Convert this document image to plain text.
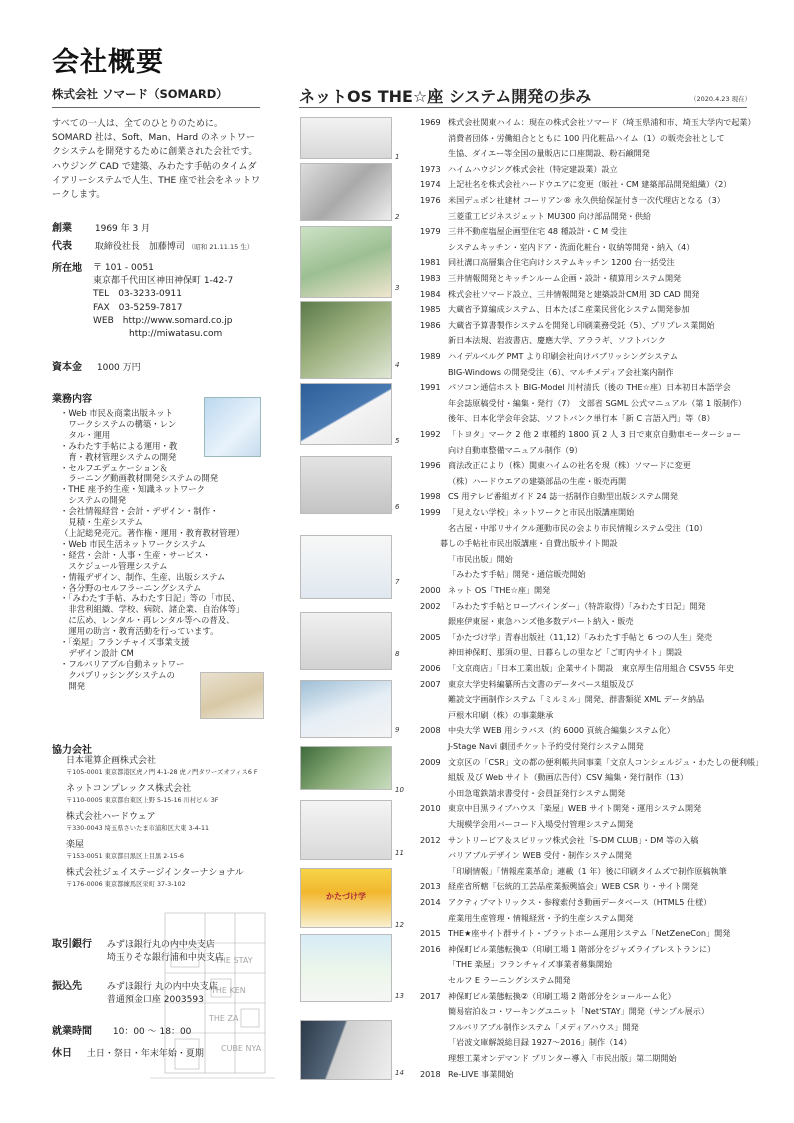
会社概要
株式会社 ソマード（SOMARD）
すべての一人は、全てのひとりのために。SOMARD 社は、Soft、Man、Hard のネットワークシステムを開発するために創業された会社です。ハウジング CAD で建築、みわたす手帖のタイムダイアリーシステムで人生、THE 座で社会をネットワークします。
創業	1969 年 3 月
代表	取締役社長　加藤博司 （昭和 21.11.15 生）
所在地 〒 101 - 0051
東京都千代田区神田神保町 1-42-7
TEL　03-3233-0911
FAX　03-5259-7817
WEB　http://www.somard.co.jp
　　　　http://miwatasu.com
資本金 1000 万円
業務内容
・Web 市民＆商業出版ネット
　ワークシステムの構築・レン
　タル・運用
・みわたす手帖による運用・教
　育・教材管理システムの開発
・セルフエデュケーション＆
　ラーニング動画教材開発システムの開発
・THE 座予約生産・知識ネットワーク
　システムの開発
・会社情報経営・会計・デザイン・制作・
　見積・生産システム
（上記総発売元。著作権・運用・教育教材管理）
・Web 市民生活ネットワークシステム
・経営・会計・人事・生産・サービス・
　スケジュール管理システム
・情報デザイン、制作、生産、出版システム
・各分野のセルフラーニングシステム
・「みわたす手帖、みわたす日記」等の「市民、
　非営利組織、学校、病院、諸企業、自治体等」
　に広め、レンタル・再レンタル等への普及、
　運用の助言・教育活動を行っています。
・「楽屋」フランチャイズ事業支援
　デザイン設計 CM
・フルバリアブル自動ネットワー
　クパブリッシングシステムの
　開発
協力会社
日本電算企画株式会社
〒105-0001 東京都港区虎ノ門 4-1-28 虎ノ門タワーズオフィス6 F
ネットコンプレックス株式会社
〒110-0005 東京都台東区上野 5-15-16 川村ビル 3F
株式会社ハードウェア
〒330-0043 埼玉県さいたま市浦和区大東 3-4-11
楽屋
〒153-0051 東京都目黒区上目黒 2-15-6
株式会社ジェイステージインターナショナル
〒176-0006 東京都練馬区栄町 37-3-102
取引銀行 みずほ銀行丸の内中央支店
埼玉りそな銀行浦和中央支店
振込先	みずほ銀行 丸の内中央支店
普通預金口座 2003593
就業時間 10：00 〜 18：00
休日 土日・祭日・年末年始・夏期
THE STAY
THE KEN
THE ZA
CUBE NYA
ネットOS THE☆座 システム開発の歩み	（2020.4.23 現在）
1
2
3
4
5
6
7
8
9
10
11
かたづけ学
12
13
14
1969 株式会社関東ハイム：現在の株式会社ソマード（埼玉県浦和市、埼玉大学内で起業）
消費者団体・労働組合とともに 100 円化粧品ハイム（1）の販売会社として
生協、ダイエー等全国の量販店に口座開設、粉石鹸開発
1973 ハイムハウジング株式会社（特定建設業）設立
1974 上記社名を株式会社ハードウエアに変更（販社・CM 建築部品開発組織）（2）
1976 米国デュポン社建材 コーリアン® 永久供給保証付き一次代理店となる（3）
三菱重工ビジネスジェット MU300 向け部品開発・供給
1979 三井不動産塩屋企画型住宅 48 種設計・C M 受注
システムキッチン・室内ドア・洗面化粧台・収納等開発・納入（4）
1981 同社溝口高層集合住宅向けシステムキッチン 1200 台一括受注
1983 三井情報開発とキッチンルーム企画・設計・積算用システム開発
1984 株式会社ソマード設立、三井情報開発と建築設計CM用 3D CAD 開発
1985 大蔵省予算編成システム、日本たばこ産業民営化システム開発参加
1986 大蔵省予算書製作システムを開発し印刷業務受託（5）、プリプレス業開始
新日本法規、岩波書店、慶應大学、アララギ、ソフトバンク
1989 ハイデルベルグ PMT より印刷会社向けパブリッシングシステム
BIG-Windows の開発受注（6）、マルチメディア会社案内制作
1991 パソコン通信ホスト BIG-Model 川村清氏（後の THE☆座）日本初日本語学会
年会誌原稿受付・編集・発行（7）　文部省 SGML 公式マニュアル（第 1 版制作）
後年、日本化学会年会誌、ソフトバンク単行本「新 C 言語入門」等（8）
1992 「トヨタ」マーク 2 他 2 車種約 1800 頁 2 人 3 日で東京自動車モーターショー
向け自動車整備マニュアル制作（9）
1996 商法改正により（株）関東ハイムの社名を現（株）ソマードに変更
（株）ハードウエアの建築部品の生産・販売再開
1998 CS 用テレビ番組ガイド 24 誌一括制作自動型出版システム開発
1999 「見えない学校」ネットワークと市民出版講座開始
名古屋・中部リサイクル運動市民の会より市民情報システム受注（10）
暮しの手帖社市民出版講座・自費出版サイト開設
「市民出版」開始
「みわたす手帖」開発・通信販売開始
2000 ネット OS「THE☆座」開発
2002 「みわたす手帖とローブバインダー」（特許取得）「みわたす日記」開発
銀座伊東屋・東急ハンズ他多数デパート納入・販売
2005 「かたづけ学」青春出版社（11,12）「みわたす手帖と 6 つの人生」発売
神田神保町、那須の里、日暮らしの里など「ご町内サイト」開設
2006 「文京商店」「日本工業出版」企業サイト開設　東京厚生信用組合 CSV55 年史
2007 東京大学史料編纂所古文書のデータベース組版及び
難読文字画制作システム「ミルミル」開発、群書類従 XML データ納品
戸根木印刷（株）の事業継承
2008 中央大学 WEB 用シラバス（約 6000 頁統合編集システム化）
J-Stage Navi 劇団チケット予約受付発行システム開発
2009 文京区の「CSR」文の都の便利帳共同事業「文京人コンシェルジュ・わたしの便利帳」
組版 及び Web サイト（動画広告付）CSV 編集・発行制作（13）
小田急電鉄請求書受付・会員証発行システム開発
2010 東京中目黒ライブハウス「楽屋」WEB サイト開発・運用システム開発
大規模学会用バーコード入場受付管理システム開発
2012 サントリービア＆スピリッツ株式会社「S-DM CLUB」・DM 等の入稿
バリアブルデザイン WEB 受付・制作システム開発
「印刷情報」「情報産業革命」連載（1 年）後に印刷タイムズで制作原稿執筆
2013 経産省所轄「伝統的工芸品産業振興協会」WEB CSR り・サイト開発
2014 アクティブマトリックス・参稼索付き動画データベース（HTML5 仕様）
産業用生産管理・情報経営・予約生産システム開発
2015 THE★座サイト群サイト・プラットホーム運用システム「NetZeneCon」開発
2016 神保町ビル業態転換①（印刷工場 1 階部分をジャズライブレストランに）
「THE 楽屋」フランチャイズ事業者募集開始
セルフ E ラーニングシステム開発
2017 神保町ビル業態転換②（印刷工場 2 階部分をショールーム化）
簡易宿泊＆コ・ワーキングユニット「Net'STAY」開発（サンプル展示）
フルバリアブル制作システム「メディアハウス」開発
「岩波文庫解説総目録 1927〜2016」制作（14）
理想工業オンデマンド プリンター導入「市民出版」第二期開始
2018 Re-LIVE 事業開始
